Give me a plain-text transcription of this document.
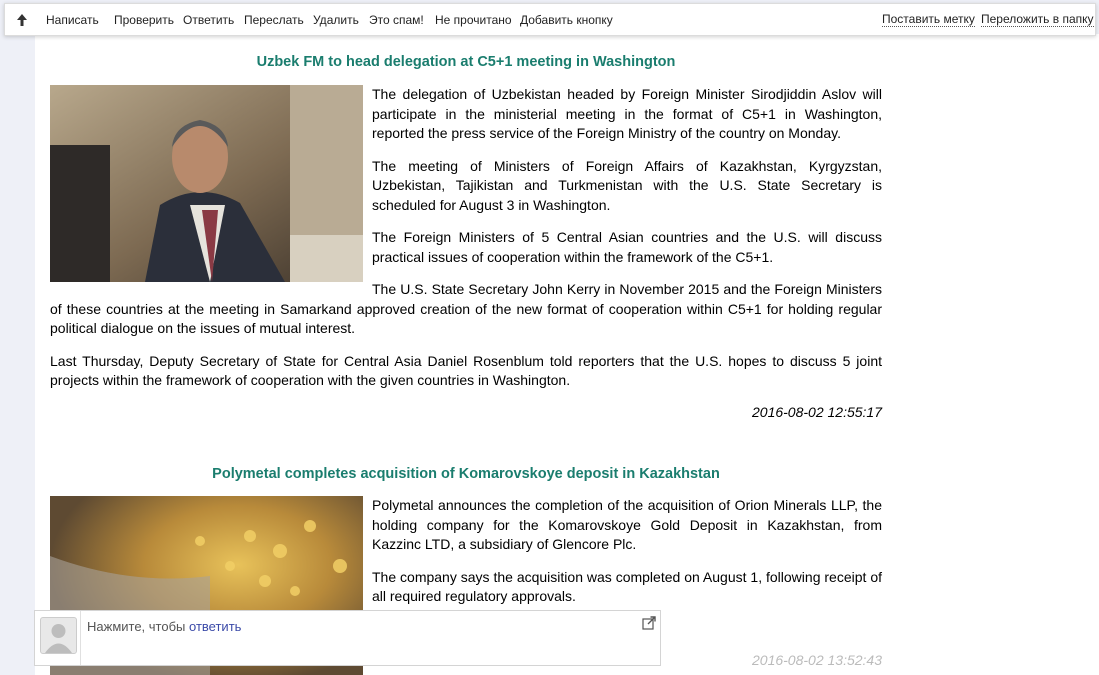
Написать Проверить Ответить Переслать Удалить Это спам! Не прочитано Добавить кнопку	Поставить метку Переложить в папку
Uzbek FM to head delegation at C5+1 meeting in Washington

The delegation of Uzbekistan headed by Foreign Minister Sirodjiddin Aslov will participate in the ministerial meeting in the format of C5+1 in Washington, reported the press service of the Foreign Ministry of the country on Monday.

The meeting of Ministers of Foreign Affairs of Kazakhstan, Kyrgyzstan, Uzbekistan, Tajikistan and Turkmenistan with the U.S. State Secretary is scheduled for August 3 in Washington.

The Foreign Ministers of 5 Central Asian countries and the U.S. will discuss practical issues of cooperation within the framework of the C5+1.

The U.S. State Secretary John Kerry in November 2015 and the Foreign Ministers of these countries at the meeting in Samarkand approved creation of the new format of cooperation within C5+1 for holding regular political dialogue on the issues of mutual interest.

Last Thursday, Deputy Secretary of State for Central Asia Daniel Rosenblum told reporters that the U.S. hopes to discuss 5 joint projects within the framework of cooperation with the given countries in Washington.

2016-08-02 12:55:17
Polymetal completes acquisition of Komarovskoye deposit in Kazakhstan

Polymetal announces the completion of the acquisition of Orion Minerals LLP, the holding company for the Komarovskoye Gold Deposit in Kazakhstan, from Kazzinc LTD, a subsidiary of Glencore Plc.

The company says the acquisition was completed on August 1, following receipt of all required regulatory approvals.

2016-08-02 13:52:43
Нажмите, чтобы ответить
